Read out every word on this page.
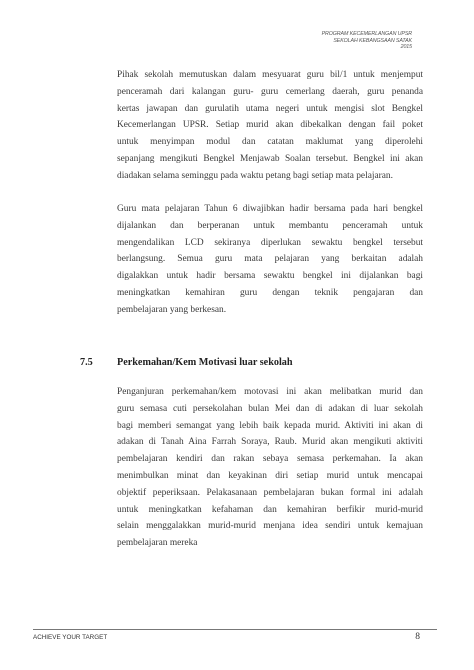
PROGRAM KECEMERLANGAN UPSR
SEKOLAH KEBANGSAAN SATAK
2015
Pihak sekolah memutuskan dalam mesyuarat guru bil/1 untuk menjemput
penceramah dari kalangan guru- guru cemerlang daerah, guru penanda
kertas jawapan dan gurulatih utama negeri untuk mengisi slot Bengkel
Kecemerlangan UPSR. Setiap murid akan dibekalkan dengan fail poket
untuk menyimpan modul dan catatan maklumat yang diperolehi
sepanjang mengikuti Bengkel Menjawab Soalan tersebut. Bengkel ini akan
diadakan selama seminggu pada waktu petang bagi setiap mata pelajaran.
Guru mata pelajaran Tahun 6 diwajibkan hadir bersama pada hari bengkel
dijalankan dan berperanan untuk membantu penceramah untuk
mengendalikan LCD sekiranya diperlukan sewaktu bengkel tersebut
berlangsung. Semua guru mata pelajaran yang berkaitan adalah
digalakkan untuk hadir bersama sewaktu bengkel ini dijalankan bagi
meningkatkan kemahiran guru dengan teknik pengajaran dan
pembelajaran yang berkesan.
7.5 Perkemahan/Kem Motivasi luar sekolah
Penganjuran perkemahan/kem motovasi ini akan melibatkan murid dan
guru semasa cuti persekolahan bulan Mei dan di adakan di luar sekolah
bagi memberi semangat yang lebih baik kepada murid. Aktiviti ini akan di
adakan di Tanah Aina Farrah Soraya, Raub. Murid akan mengikuti aktiviti
pembelajaran kendiri dan rakan sebaya semasa perkemahan. Ia akan
menimbulkan minat dan keyakinan diri setiap murid untuk mencapai
objektif peperiksaan. Pelakasanaan pembelajaran bukan formal ini adalah
untuk meningkatkan kefahaman dan kemahiran berfikir murid-murid
selain menggalakkan murid-murid menjana idea sendiri untuk kemajuan
pembelajaran mereka
ACHIEVE YOUR TARGET	8
